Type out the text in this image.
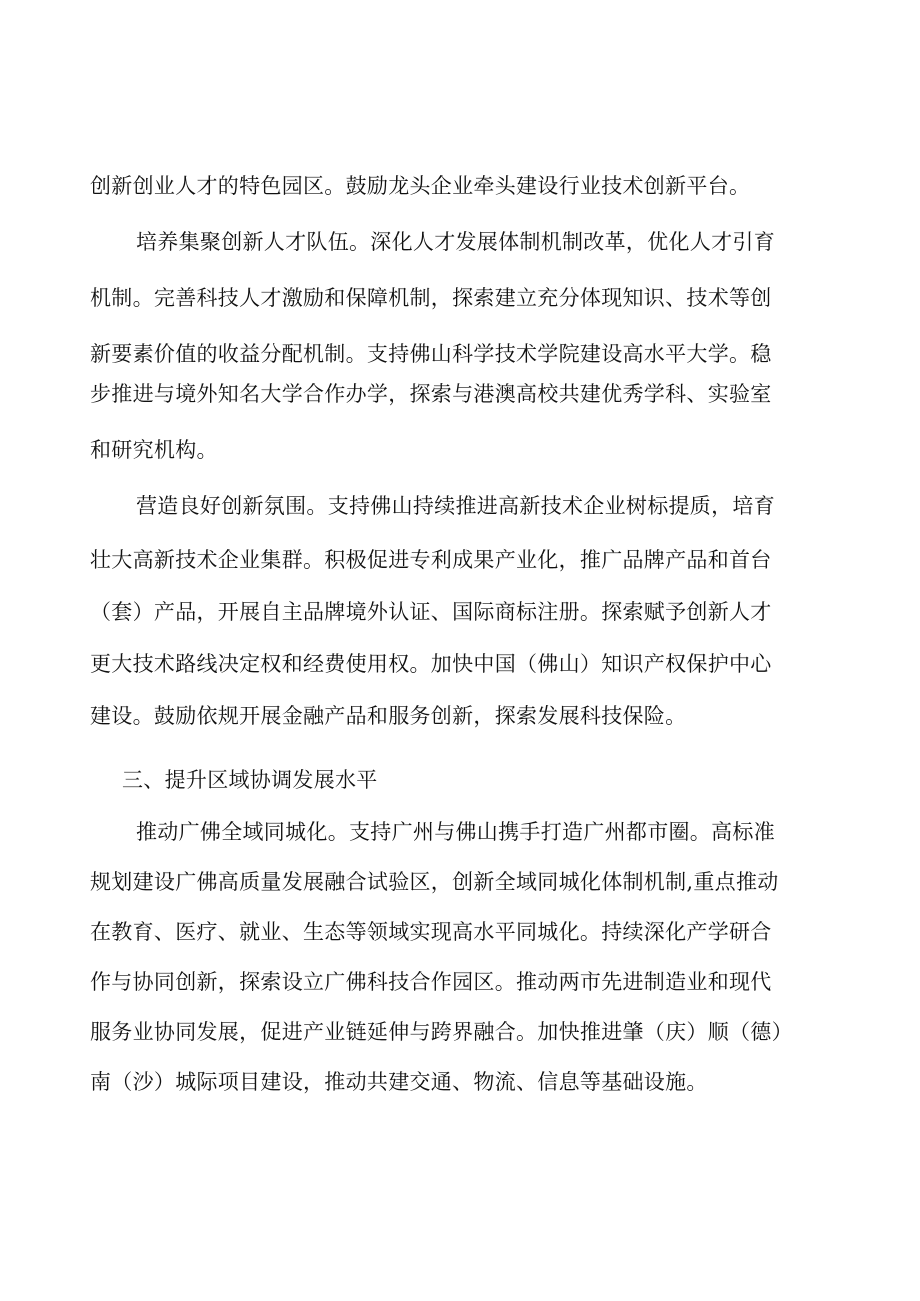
创新创业人才的特色园区。鼓励龙头企业牵头建设行业技术创新平台。
培养集聚创新人才队伍。深化人才发展体制机制改革，优化人才引育
机制。完善科技人才激励和保障机制，探索建立充分体现知识、技术等创
新要素价值的收益分配机制。支持佛山科学技术学院建设高水平大学。稳
步推进与境外知名大学合作办学，探索与港澳高校共建优秀学科、实验室
和研究机构。
营造良好创新氛围。支持佛山持续推进高新技术企业树标提质，培育
壮大高新技术企业集群。积极促进专利成果产业化，推广品牌产品和首台
（套）产品，开展自主品牌境外认证、国际商标注册。探索赋予创新人才
更大技术路线决定权和经费使用权。加快中国（佛山）知识产权保护中心
建设。鼓励依规开展金融产品和服务创新，探索发展科技保险。
三、提升区域协调发展水平
推动广佛全域同城化。支持广州与佛山携手打造广州都市圈。高标准
规划建设广佛高质量发展融合试验区，创新全域同城化体制机制,重点推动
在教育、医疗、就业、生态等领域实现高水平同城化。持续深化产学研合
作与协同创新，探索设立广佛科技合作园区。推动两市先进制造业和现代
服务业协同发展，促进产业链延伸与跨界融合。加快推进肇（庆）顺（德）
南（沙）城际项目建设，推动共建交通、物流、信息等基础设施。
